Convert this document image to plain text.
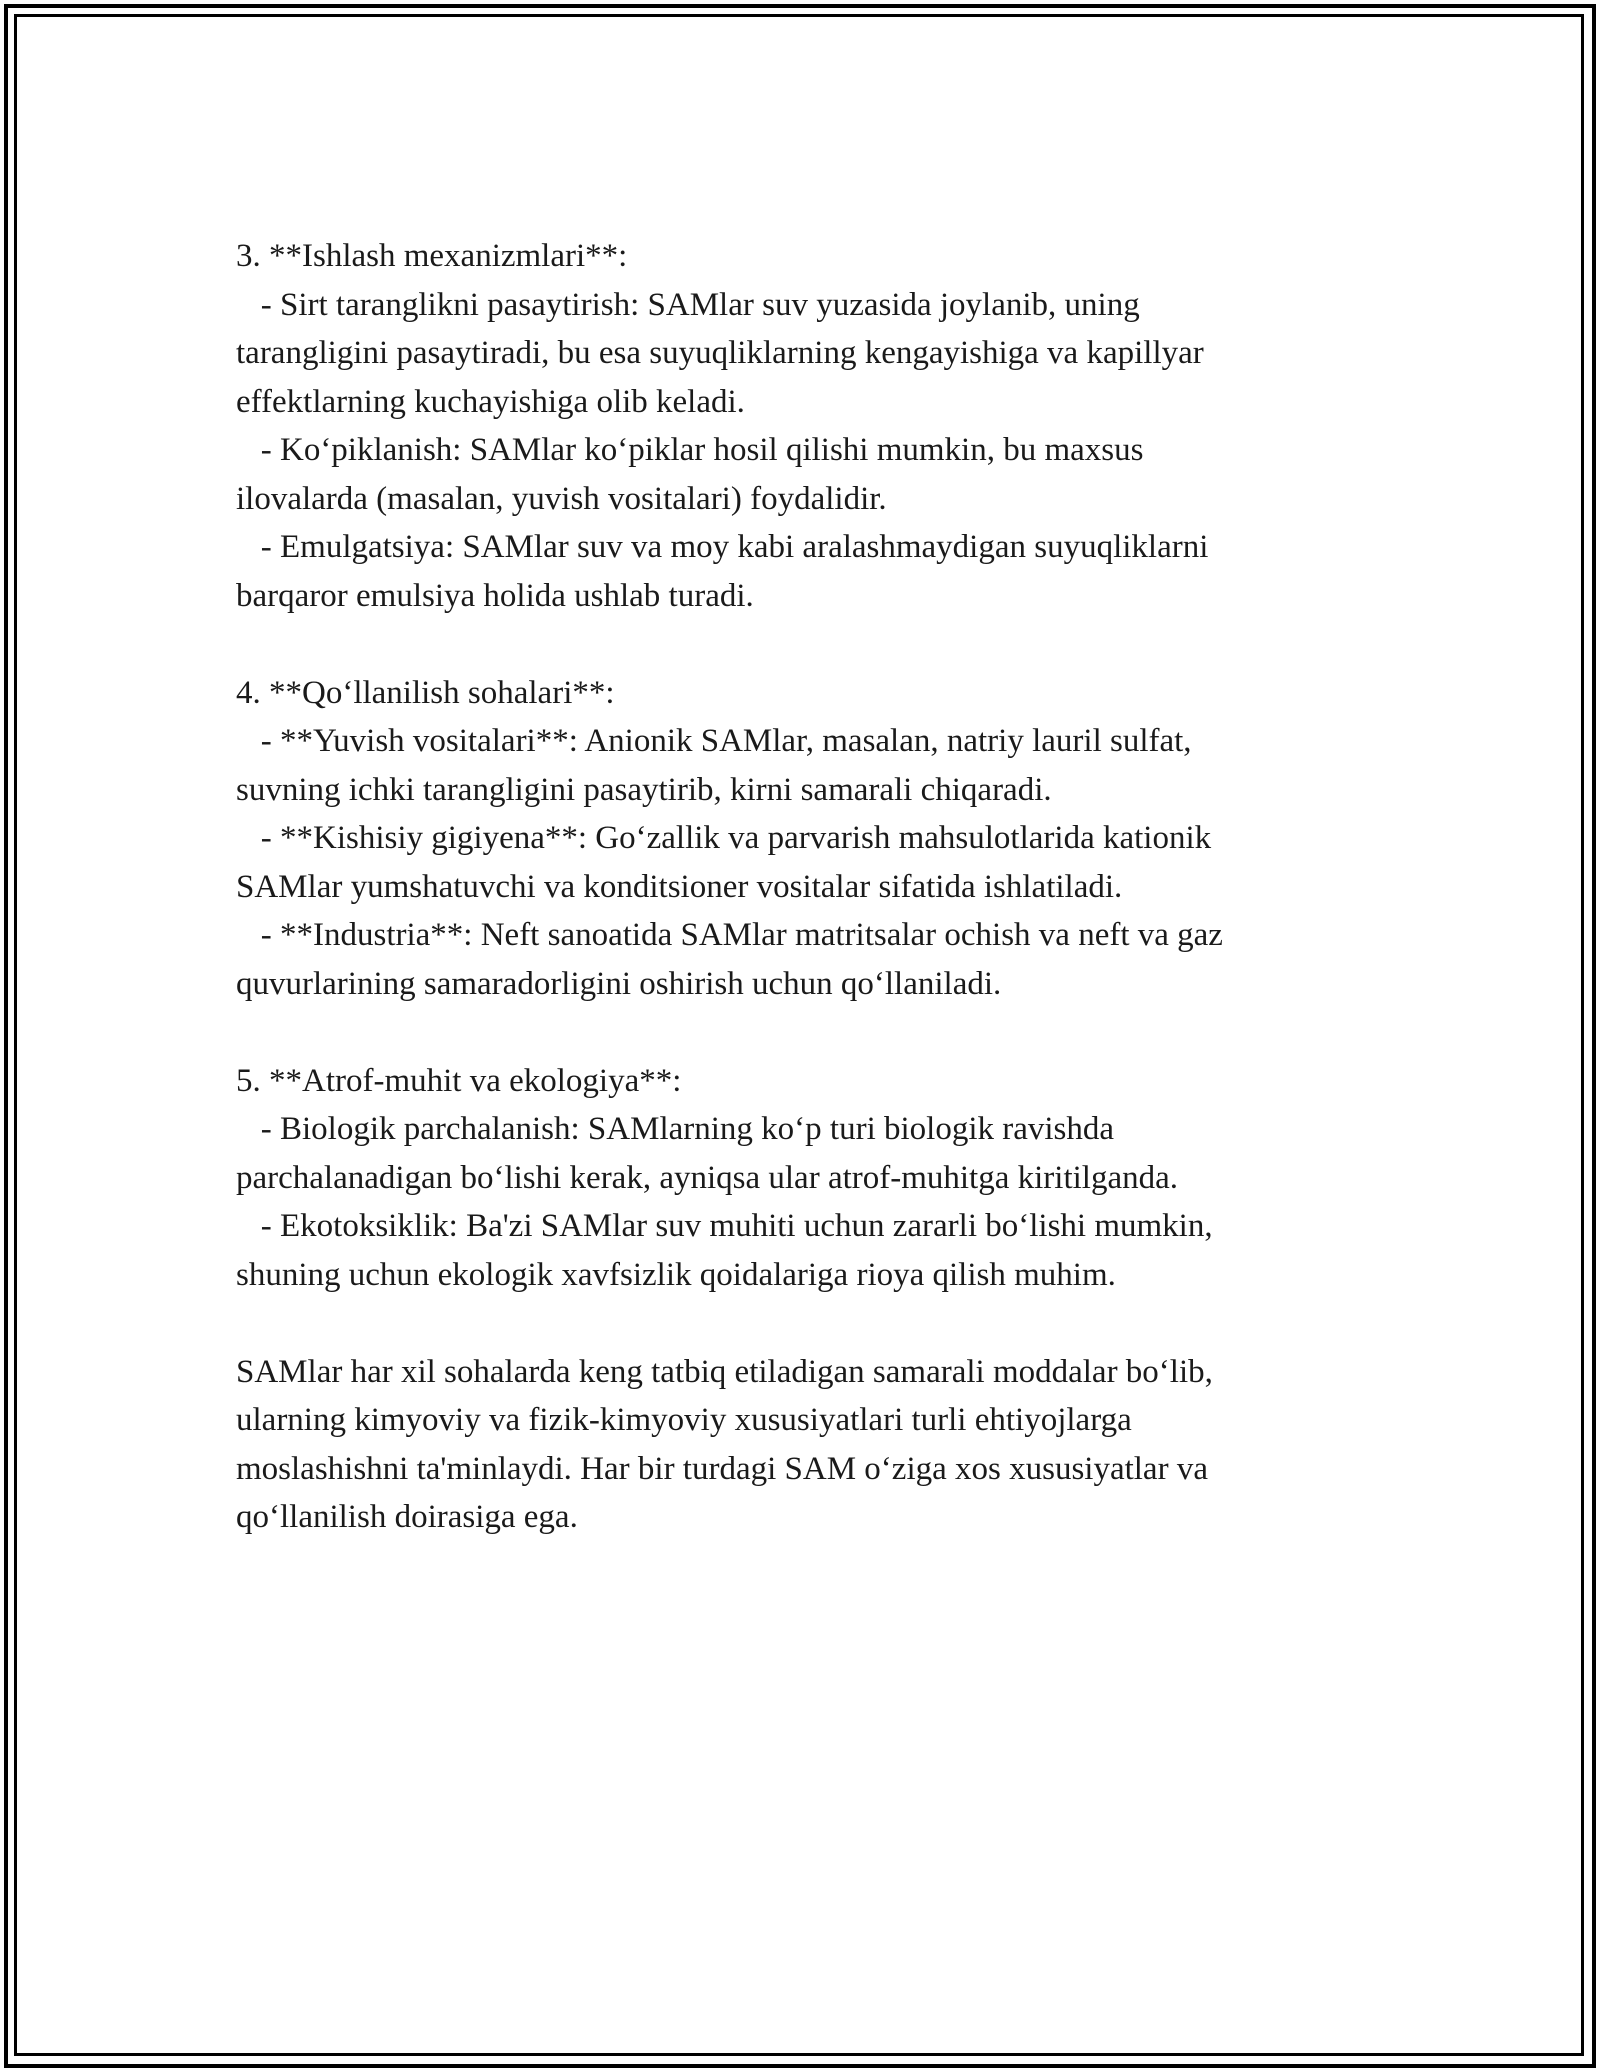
3. **Ishlash mexanizmlari**:
- Sirt taranglikni pasaytirish: SAMlar suv yuzasida joylanib, uning
tarangligini pasaytiradi, bu esa suyuqliklarning kengayishiga va kapillyar
effektlarning kuchayishiga olib keladi.
- Ko‘piklanish: SAMlar ko‘piklar hosil qilishi mumkin, bu maxsus
ilovalarda (masalan, yuvish vositalari) foydalidir.
- Emulgatsiya: SAMlar suv va moy kabi aralashmaydigan suyuqliklarni
barqaror emulsiya holida ushlab turadi.
4. **Qo‘llanilish sohalari**:
- **Yuvish vositalari**: Anionik SAMlar, masalan, natriy lauril sulfat,
suvning ichki tarangligini pasaytirib, kirni samarali chiqaradi.
- **Kishisiy gigiyena**: Go‘zallik va parvarish mahsulotlarida kationik
SAMlar yumshatuvchi va konditsioner vositalar sifatida ishlatiladi.
- **Industria**: Neft sanoatida SAMlar matritsalar ochish va neft va gaz
quvurlarining samaradorligini oshirish uchun qo‘llaniladi.
5. **Atrof-muhit va ekologiya**:
- Biologik parchalanish: SAMlarning ko‘p turi biologik ravishda
parchalanadigan bo‘lishi kerak, ayniqsa ular atrof-muhitga kiritilganda.
- Ekotoksiklik: Ba'zi SAMlar suv muhiti uchun zararli bo‘lishi mumkin,
shuning uchun ekologik xavfsizlik qoidalariga rioya qilish muhim.
SAMlar har xil sohalarda keng tatbiq etiladigan samarali moddalar bo‘lib,
ularning kimyoviy va fizik-kimyoviy xususiyatlari turli ehtiyojlarga
moslashishni ta'minlaydi. Har bir turdagi SAM o‘ziga xos xususiyatlar va
qo‘llanilish doirasiga ega.
